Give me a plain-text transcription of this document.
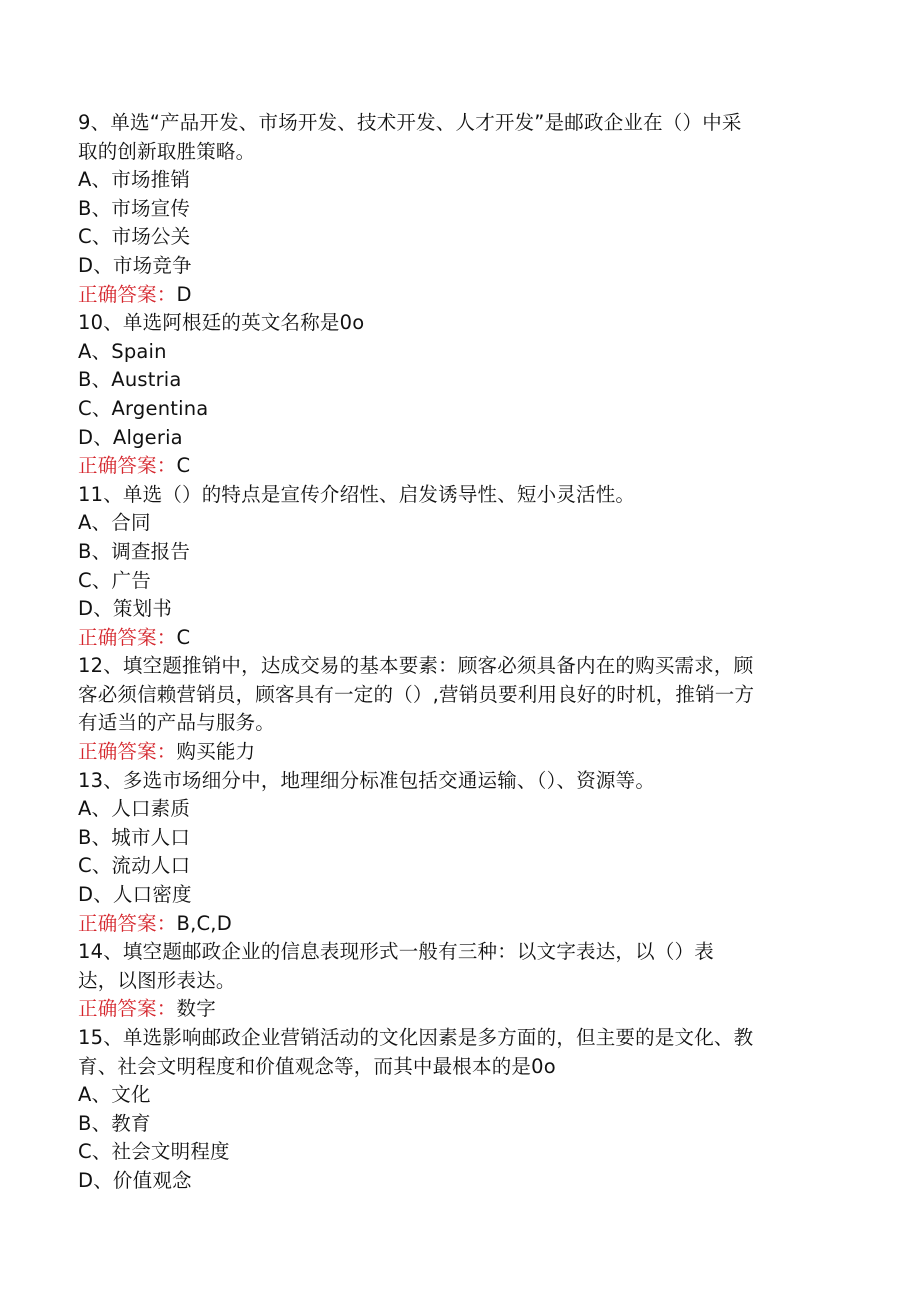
9、单选“产品开发、市场开发、技术开发、人才开发”是邮政企业在（）中采
取的创新取胜策略。
A、市场推销
B、市场宣传
C、市场公关
D、市场竞争
正确答案：D
10、单选阿根廷的英文名称是0o
A、Spain
B、Austria
C、Argentina
D、Algeria
正确答案：C
11、单选（）的特点是宣传介绍性、启发诱导性、短小灵活性。
A、合同
B、调查报告
C、广告
D、策划书
正确答案：C
12、填空题推销中，达成交易的基本要素：顾客必须具备内在的购买需求，顾
客必须信赖营销员，顾客具有一定的（）,营销员要利用良好的时机，推销一方
有适当的产品与服务。
正确答案：购买能力
13、多选市场细分中，地理细分标准包括交通运输、（）、资源等。
A、人口素质
B、城市人口
C、流动人口
D、人口密度
正确答案：B,C,D
14、填空题邮政企业的信息表现形式一般有三种：以文字表达，以（）表
达，以图形表达。
正确答案：数字
15、单选影响邮政企业营销活动的文化因素是多方面的，但主要的是文化、教
育、社会文明程度和价值观念等，而其中最根本的是0o
A、文化
B、教育
C、社会文明程度
D、价值观念
